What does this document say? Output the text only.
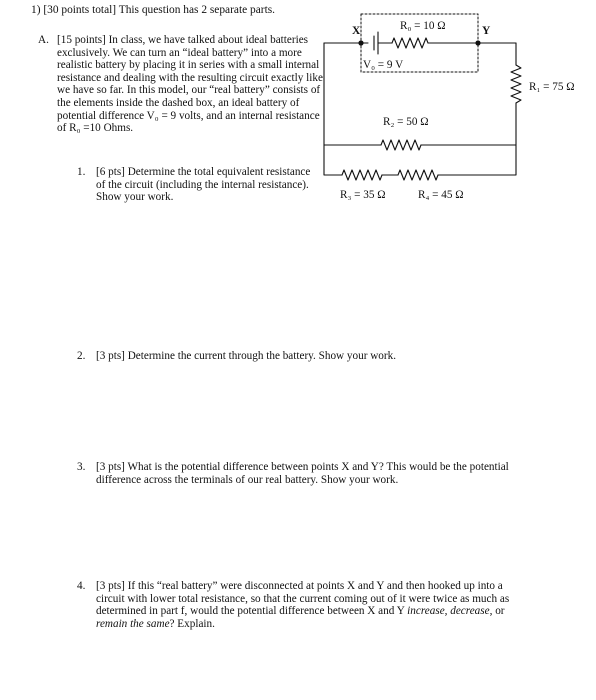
1) [30 points total] This question has 2 separate parts.
A. [15 points] In class, we have talked about ideal batteries exclusively. We can turn an “ideal battery” into a more realistic battery by placing it in series with a small internal resistance and dealing with the resulting circuit exactly like we have so far. In this model, our “real battery” consists of the elements inside the dashed box, an ideal battery of potential difference V₀ = 9 volts, and an internal resistance of R₀ =10 Ohms.
1. [6 pts] Determine the total equivalent resistance of the circuit (including the internal resistance). Show your work.
2. [3 pts] Determine the current through the battery. Show your work.
3. [3 pts] What is the potential difference between points X and Y? This would be the potential difference across the terminals of our real battery. Show your work.
4. [3 pts] If this “real battery” were disconnected at points X and Y and then hooked up into a circuit with lower total resistance, so that the current coming out of it were twice as much as determined in part f, would the potential difference between X and Y increase, decrease, or remain the same? Explain.
X	Y
R₀ = 10 Ω
V₀ = 9 V
R₁ = 75 Ω
R₂ = 50 Ω
R₃ = 35 Ω	R₄ = 45 Ω
